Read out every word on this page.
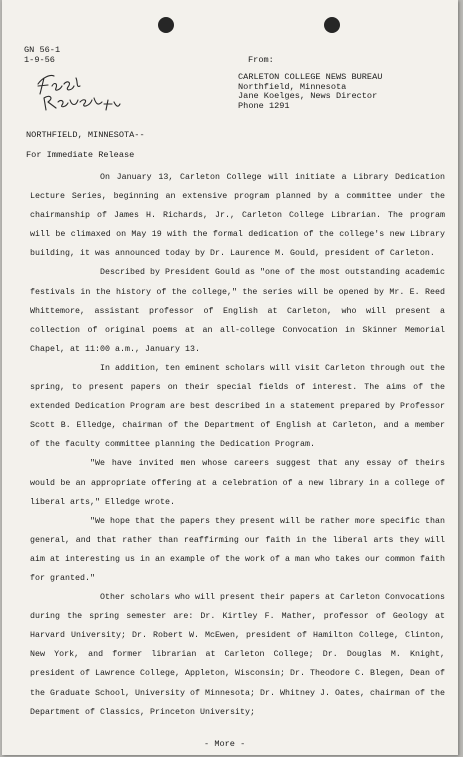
GN 56-1
1-9-56	From:
CARLETON COLLEGE NEWS BUREAU
Northfield, Minnesota
Jane Koelges, News Director
Phone 1291
NORTHFIELD, MINNESOTA--
For Immediate Release

On January 13, Carleton College will initiate a Library Dedication Lecture Series, beginning an extensive program planned by a committee under the chairmanship of James H. Richards, Jr., Carleton College Librarian. The program will be climaxed on May 19 with the formal dedication of the college's new Library building, it was announced today by Dr. Laurence M. Gould, president of Carleton.

Described by President Gould as "one of the most outstanding academic festivals in the history of the college," the series will be opened by Mr. E. Reed Whittemore, assistant professor of English at Carleton, who will present a collection of original poems at an all-college Convocation in Skinner Memorial Chapel, at 11:00 a.m., January 13.

In addition, ten eminent scholars will visit Carleton through out the spring, to present papers on their special fields of interest. The aims of the extended Dedication Program are best described in a statement prepared by Professor Scott B. Elledge, chairman of the Department of English at Carleton, and a member of the faculty committee planning the Dedication Program.

"We have invited men whose careers suggest that any essay of theirs would be an appropriate offering at a celebration of a new library in a college of liberal arts," Elledge wrote.

"We hope that the papers they present will be rather more specific than general, and that rather than reaffirming our faith in the liberal arts they will aim at interesting us in an example of the work of a man who takes our common faith for granted."

Other scholars who will present their papers at Carleton Convocations during the spring semester are: Dr. Kirtley F. Mather, professor of Geology at Harvard University; Dr. Robert W. McEwen, president of Hamilton College, Clinton, New York, and former librarian at Carleton College; Dr. Douglas M. Knight, president of Lawrence College, Appleton, Wisconsin; Dr. Theodore C. Blegen, Dean of the Graduate School, University of Minnesota; Dr. Whitney J. Oates, chairman of the Department of Classics, Princeton University;

- More -
